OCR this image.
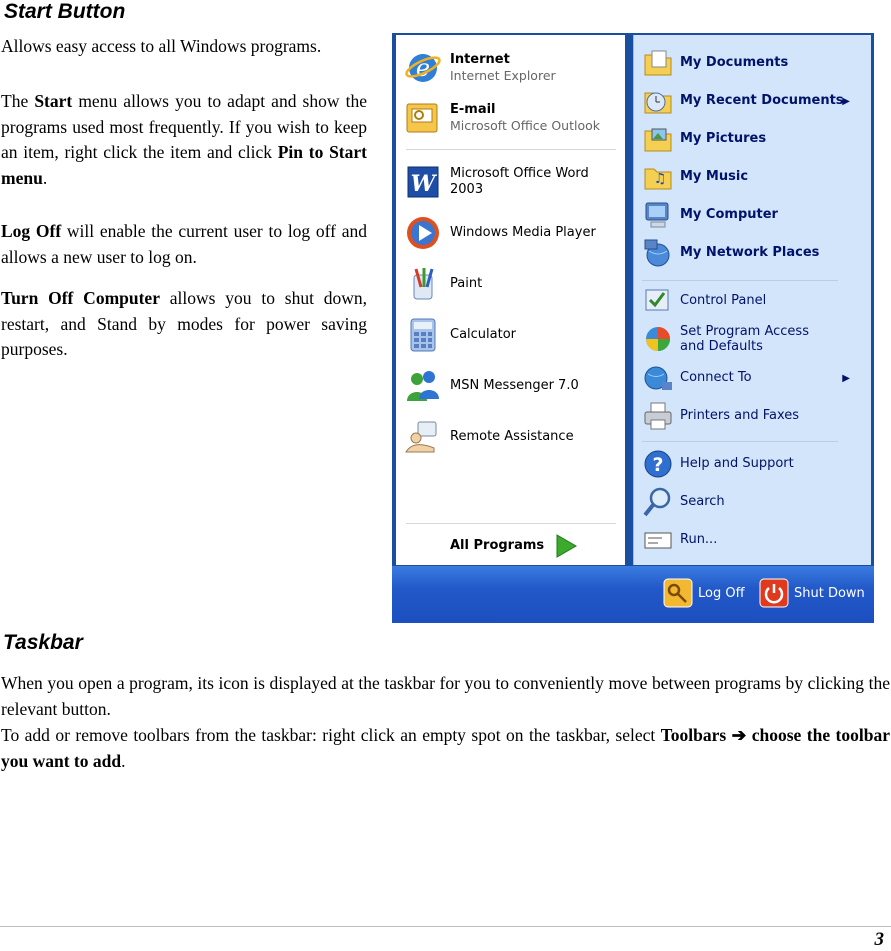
Start Button

Allows easy access to all Windows programs.

The Start menu allows you to adapt and show the programs used most frequently. If you wish to keep an item, right click the item and click Pin to Start menu.

Log Off will enable the current user to log off and allows a new user to log on.

Turn Off Computer allows you to shut down, restart, and Stand by modes for power saving purposes.

e Internet
Internet Explorer
E-mail
Microsoft Office Outlook
W Microsoft Office Word 2003
Windows Media Player
Paint
Calculator
MSN Messenger 7.0
Remote Assistance
All Programs
My Documents
My Recent Documents
▶
My Pictures
♫ My Music
My Computer
My Network Places
Control Panel
Set Program Access and Defaults
Connect To	▶
Printers and Faxes
? Help and Support
Search
Run...
Log Off	Shut Down
Taskbar

When you open a program, its icon is displayed at the taskbar for you to conveniently move between programs by clicking the relevant button.

To add or remove toolbars from the taskbar: right click an empty spot on the taskbar, select Toolbars ➔ choose the toolbar you want to add.

3
